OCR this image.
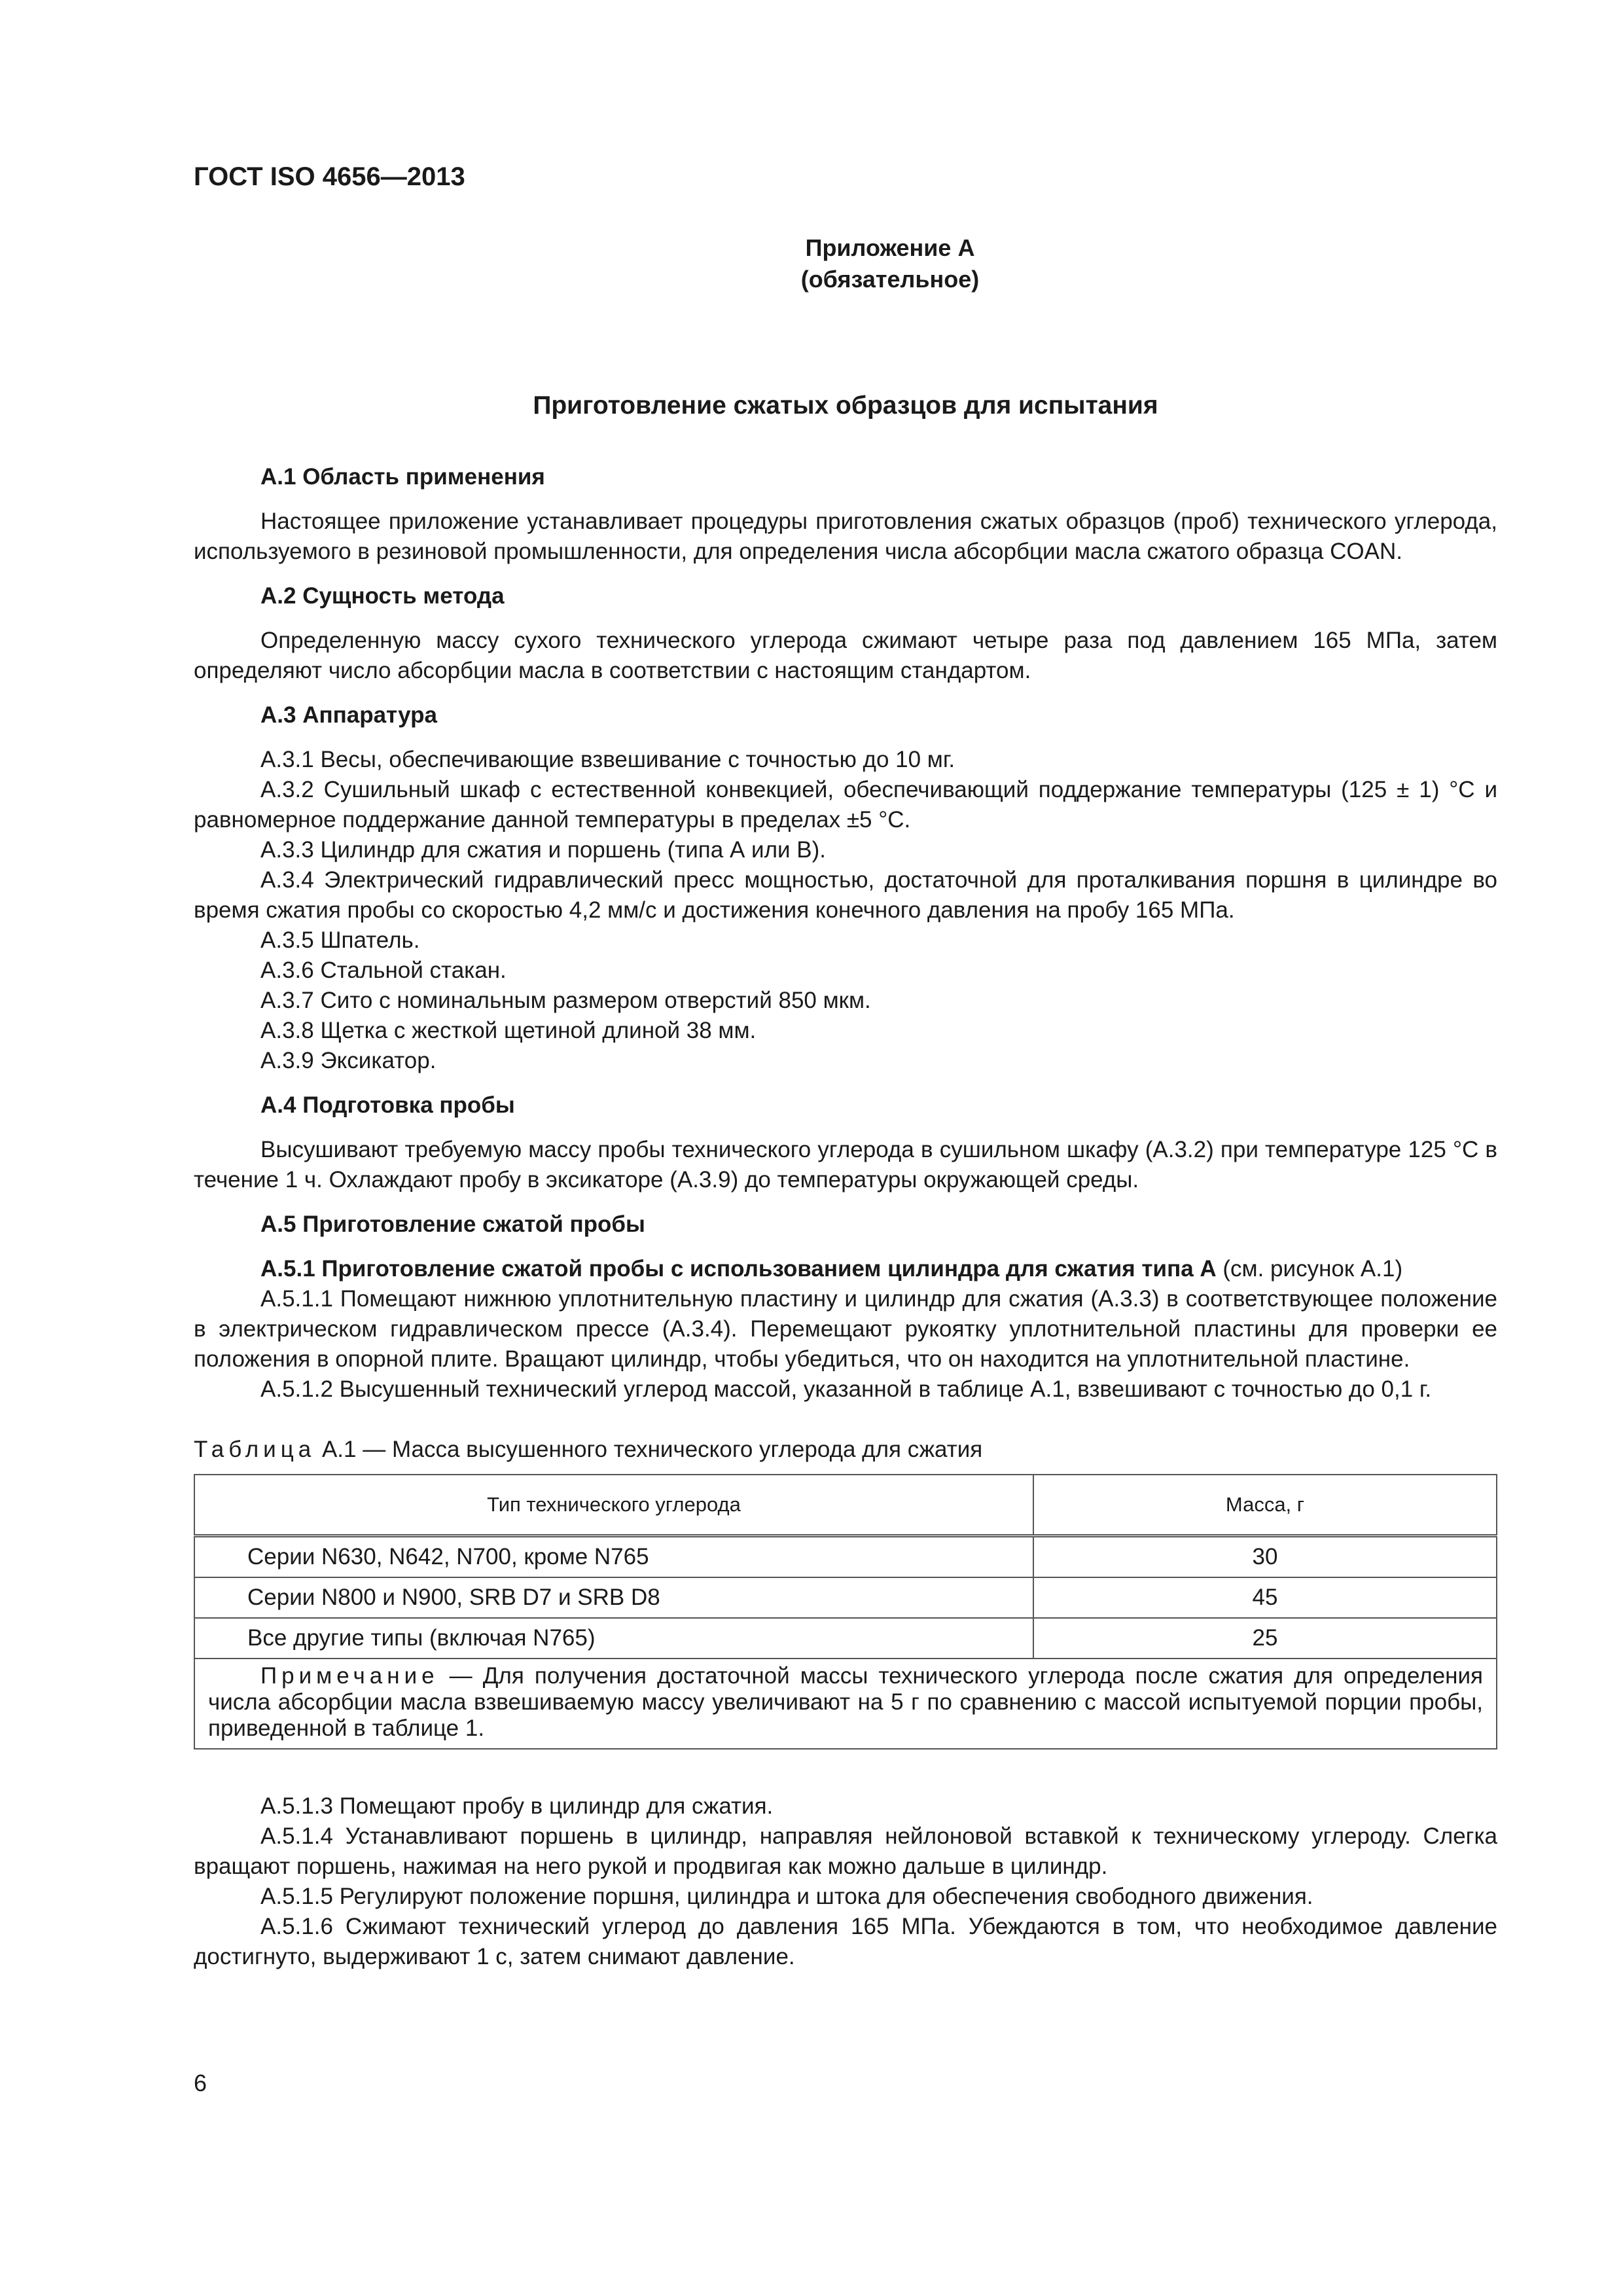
ГОСТ ISO 4656—2013
Приложение А
(обязательное)
Приготовление сжатых образцов для испытания
А.1 Область применения

Настоящее приложение устанавливает процедуры приготовления сжатых образцов (проб) технического углерода, используемого в резиновой промышленности, для определения числа абсорбции масла сжатого образца COAN.

А.2 Сущность метода

Определенную массу сухого технического углерода сжимают четыре раза под давлением 165 МПа, затем определяют число абсорбции масла в соответствии с настоящим стандартом.

А.3 Аппаратура

А.3.1 Весы, обеспечивающие взвешивание с точностью до 10 мг.

А.3.2 Сушильный шкаф с естественной конвекцией, обеспечивающий поддержание температуры (125 ± 1) °С и равномерное поддержание данной температуры в пределах ±5 °С.

А.3.3 Цилиндр для сжатия и поршень (типа А или В).

А.3.4 Электрический гидравлический пресс мощностью, достаточной для проталкивания поршня в цилиндре во время сжатия пробы со скоростью 4,2 мм/с и достижения конечного давления на пробу 165 МПа.

А.3.5 Шпатель.

А.3.6 Стальной стакан.

А.3.7 Сито с номинальным размером отверстий 850 мкм.

А.3.8 Щетка с жесткой щетиной длиной 38 мм.

А.3.9 Эксикатор.

А.4 Подготовка пробы

Высушивают требуемую массу пробы технического углерода в сушильном шкафу (А.3.2) при температуре 125 °С в течение 1 ч. Охлаждают пробу в эксикаторе (А.3.9) до температуры окружающей среды.

А.5 Приготовление сжатой пробы

А.5.1 Приготовление сжатой пробы с использованием цилиндра для сжатия типа А (см. рисунок А.1)

А.5.1.1 Помещают нижнюю уплотнительную пластину и цилиндр для сжатия (А.3.3) в соответствующее положение в электрическом гидравлическом прессе (А.3.4). Перемещают рукоятку уплотнительной пластины для проверки ее положения в опорной плите. Вращают цилиндр, чтобы убедиться, что он находится на уплотнительной пластине.

А.5.1.2 Высушенный технический углерод массой, указанной в таблице А.1, взвешивают с точностью до 0,1 г.

Таблица А.1 — Масса высушенного технического углерода для сжатия
Тип технического углерода	Масса, г
Серии N630, N642, N700, кроме N765	30
Серии N800 и N900, SRB D7 и SRB D8	45
Все другие типы (включая N765)	25
Примечание — Для получения достаточной массы технического углерода после сжатия для определения числа абсорбции масла взвешиваемую массу увеличивают на 5 г по сравнению с массой испытуемой порции пробы, приведенной в таблице 1.	

А.5.1.3 Помещают пробу в цилиндр для сжатия.

А.5.1.4 Устанавливают поршень в цилиндр, направляя нейлоновой вставкой к техническому углероду. Слегка вращают поршень, нажимая на него рукой и продвигая как можно дальше в цилиндр.

А.5.1.5 Регулируют положение поршня, цилиндра и штока для обеспечения свободного движения.

А.5.1.6 Сжимают технический углерод до давления 165 МПа. Убеждаются в том, что необходимое давление достигнуто, выдерживают 1 с, затем снимают давление.

6
